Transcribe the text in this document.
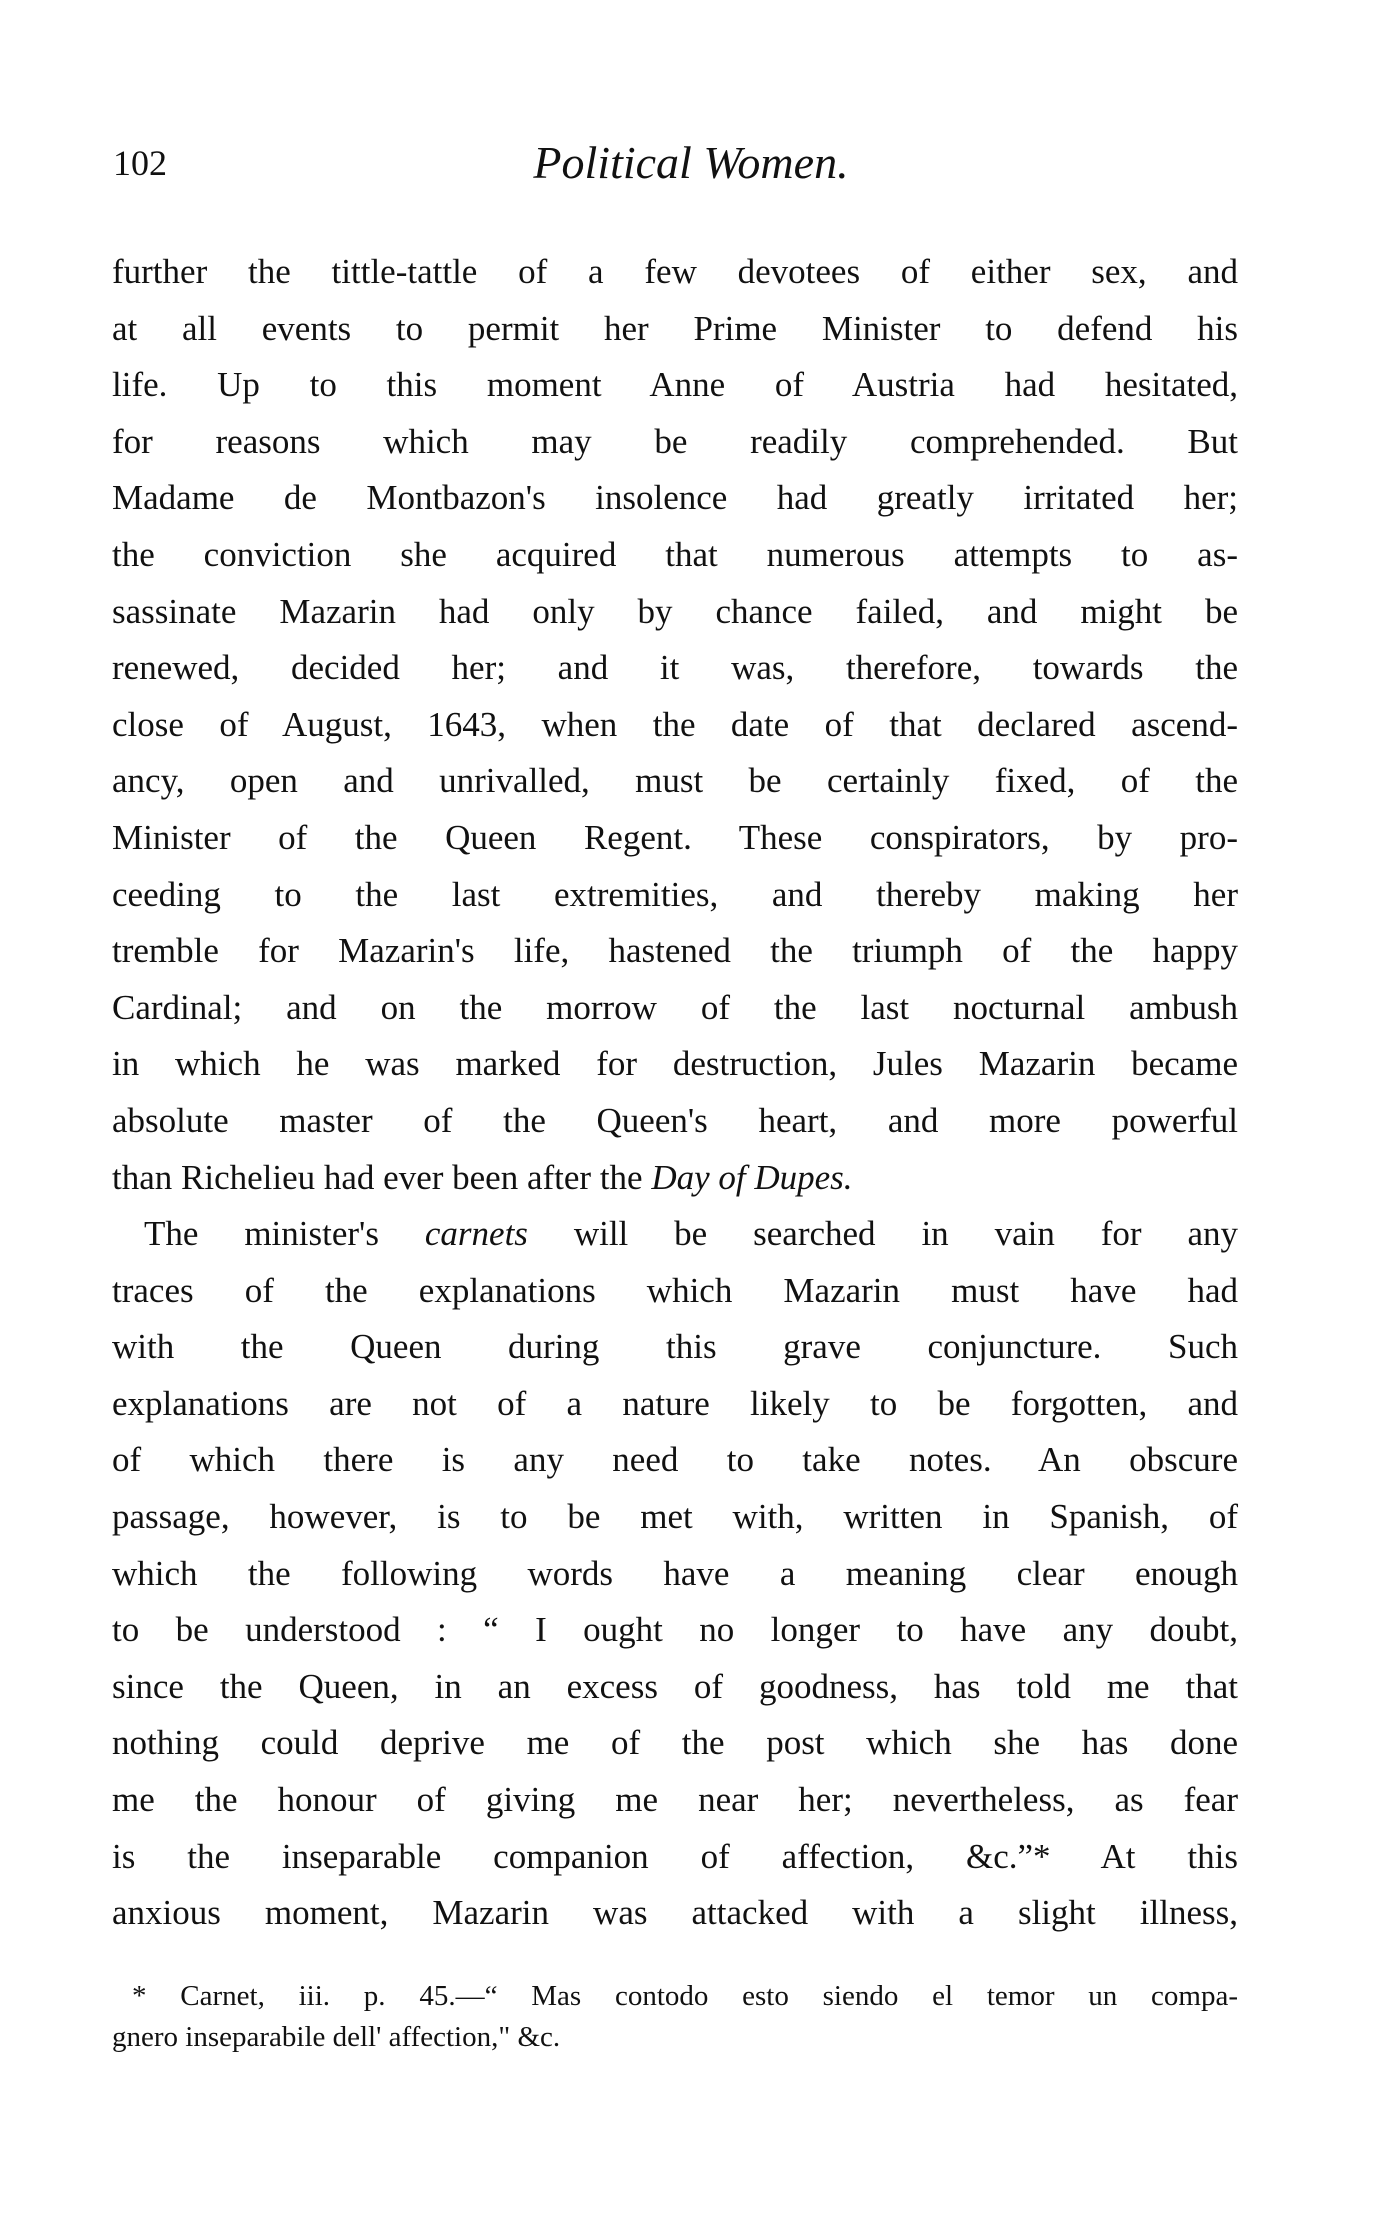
102	Political Women.
further the tittle-tattle of a few devotees of either sex, and
at all events to permit her Prime Minister to defend his
life. Up to this moment Anne of Austria had hesitated,
for reasons which may be readily comprehended. But
Madame de Montbazon's insolence had greatly irritated her;
the conviction she acquired that numerous attempts to as-
sassinate Mazarin had only by chance failed, and might be
renewed, decided her; and it was, therefore, towards the
close of August, 1643, when the date of that declared ascend-
ancy, open and unrivalled, must be certainly fixed, of the
Minister of the Queen Regent. These conspirators, by pro-
ceeding to the last extremities, and thereby making her
tremble for Mazarin's life, hastened the triumph of the happy
Cardinal; and on the morrow of the last nocturnal ambush
in which he was marked for destruction, Jules Mazarin became
absolute master of the Queen's heart, and more powerful
than Richelieu had ever been after the Day of Dupes.
The minister's carnets will be searched in vain for any
traces of the explanations which Mazarin must have had
with the Queen during this grave conjuncture. Such
explanations are not of a nature likely to be forgotten, and
of which there is any need to take notes. An obscure
passage, however, is to be met with, written in Spanish, of
which the following words have a meaning clear enough
to be understood : “ I ought no longer to have any doubt,
since the Queen, in an excess of goodness, has told me that
nothing could deprive me of the post which she has done
me the honour of giving me near her; nevertheless, as fear
is the inseparable companion of affection, &c.”* At this
anxious moment, Mazarin was attacked with a slight illness,
* Carnet, iii. p. 45.—“ Mas contodo esto siendo el temor un compa-
gnero inseparabile dell' affection," &c.
